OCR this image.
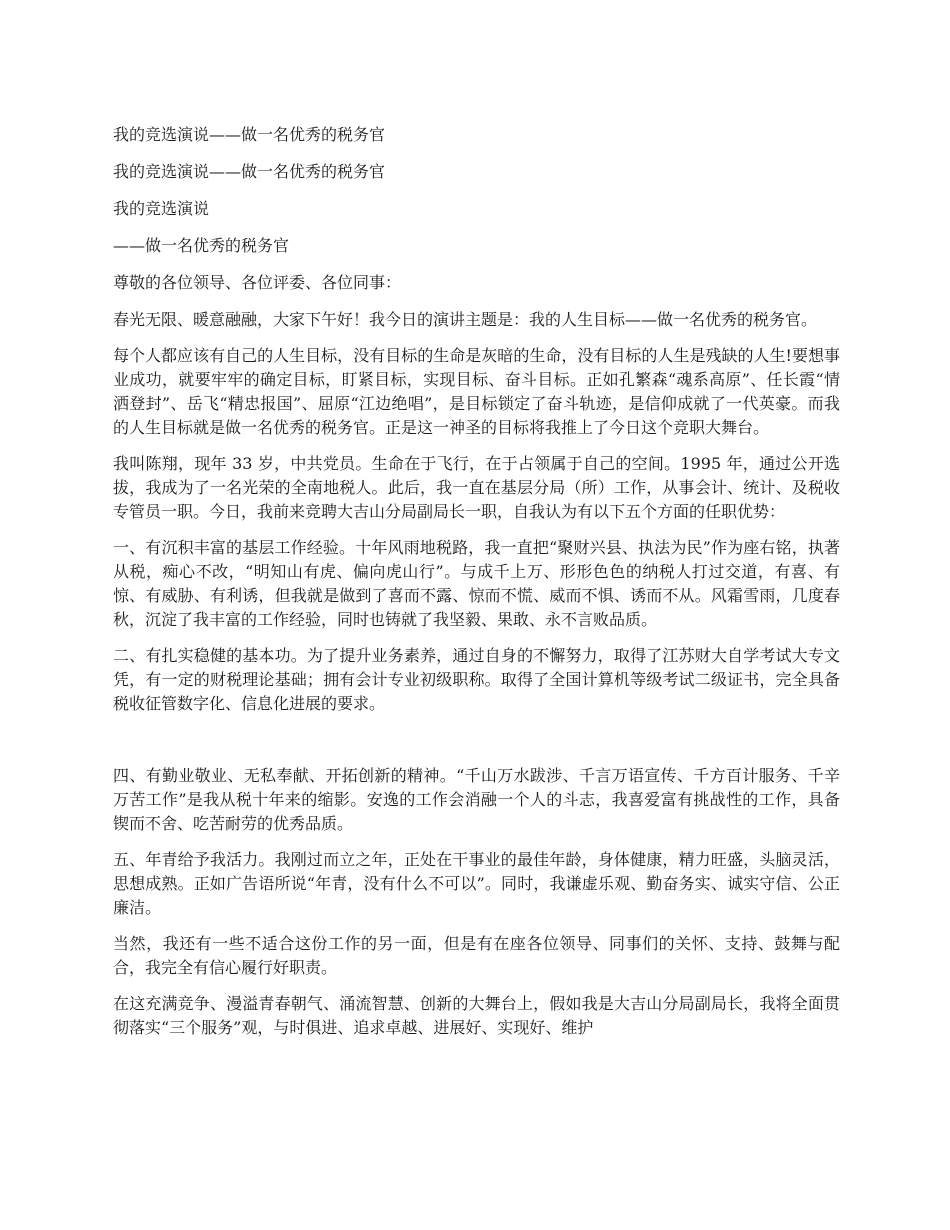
我的竞选演说——做一名优秀的税务官

我的竞选演说——做一名优秀的税务官

我的竞选演说

——做一名优秀的税务官

尊敬的各位领导、各位评委、各位同事：

春光无限、暖意融融，大家下午好！我今日的演讲主题是：我的人生目标——做一名优秀的税务官。

每个人都应该有自己的人生目标，没有目标的生命是灰暗的生命，没有目标的人生是残缺的人生!要想事业成功，就要牢牢的确定目标，盯紧目标，实现目标、奋斗目标。正如孔繁森“魂系高原”、任长霞“情洒登封”、岳飞“精忠报国”、屈原“江边绝唱”，是目标锁定了奋斗轨迹，是信仰成就了一代英豪。而我的人生目标就是做一名优秀的税务官。正是这一神圣的目标将我推上了今日这个竞职大舞台。

我叫陈翔，现年 33 岁，中共党员。生命在于飞行，在于占领属于自己的空间。1995 年，通过公开选拔，我成为了一名光荣的全南地税人。此后，我一直在基层分局（所）工作，从事会计、统计、及税收专管员一职。今日，我前来竞聘大吉山分局副局长一职，自我认为有以下五个方面的任职优势：

一、有沉积丰富的基层工作经验。十年风雨地税路，我一直把“聚财兴县、执法为民”作为座右铭，执著从税，痴心不改，“明知山有虎、偏向虎山行”。与成千上万、形形色色的纳税人打过交道，有喜、有惊、有威胁、有利诱，但我就是做到了喜而不露、惊而不慌、威而不惧、诱而不从。风霜雪雨，几度春秋，沉淀了我丰富的工作经验，同时也铸就了我坚毅、果敢、永不言败品质。

二、有扎实稳健的基本功。为了提升业务素养，通过自身的不懈努力，取得了江苏财大自学考试大专文凭，有一定的财税理论基础；拥有会计专业初级职称。取得了全国计算机等级考试二级证书，完全具备税收征管数字化、信息化进展的要求。

四、有勤业敬业、无私奉献、开拓创新的精神。“千山万水跋涉、千言万语宣传、千方百计服务、千辛万苦工作”是我从税十年来的缩影。安逸的工作会消融一个人的斗志，我喜爱富有挑战性的工作，具备锲而不舍、吃苦耐劳的优秀品质。

五、年青给予我活力。我刚过而立之年，正处在干事业的最佳年龄，身体健康，精力旺盛，头脑灵活，思想成熟。正如广告语所说“年青，没有什么不可以”。同时，我谦虚乐观、勤奋务实、诚实守信、公正廉洁。

当然，我还有一些不适合这份工作的另一面，但是有在座各位领导、同事们的关怀、支持、鼓舞与配合，我完全有信心履行好职责。

在这充满竞争、漫溢青春朝气、涌流智慧、创新的大舞台上，假如我是大吉山分局副局长，我将全面贯彻落实“三个服务”观，与时俱进、追求卓越、进展好、实现好、维护
